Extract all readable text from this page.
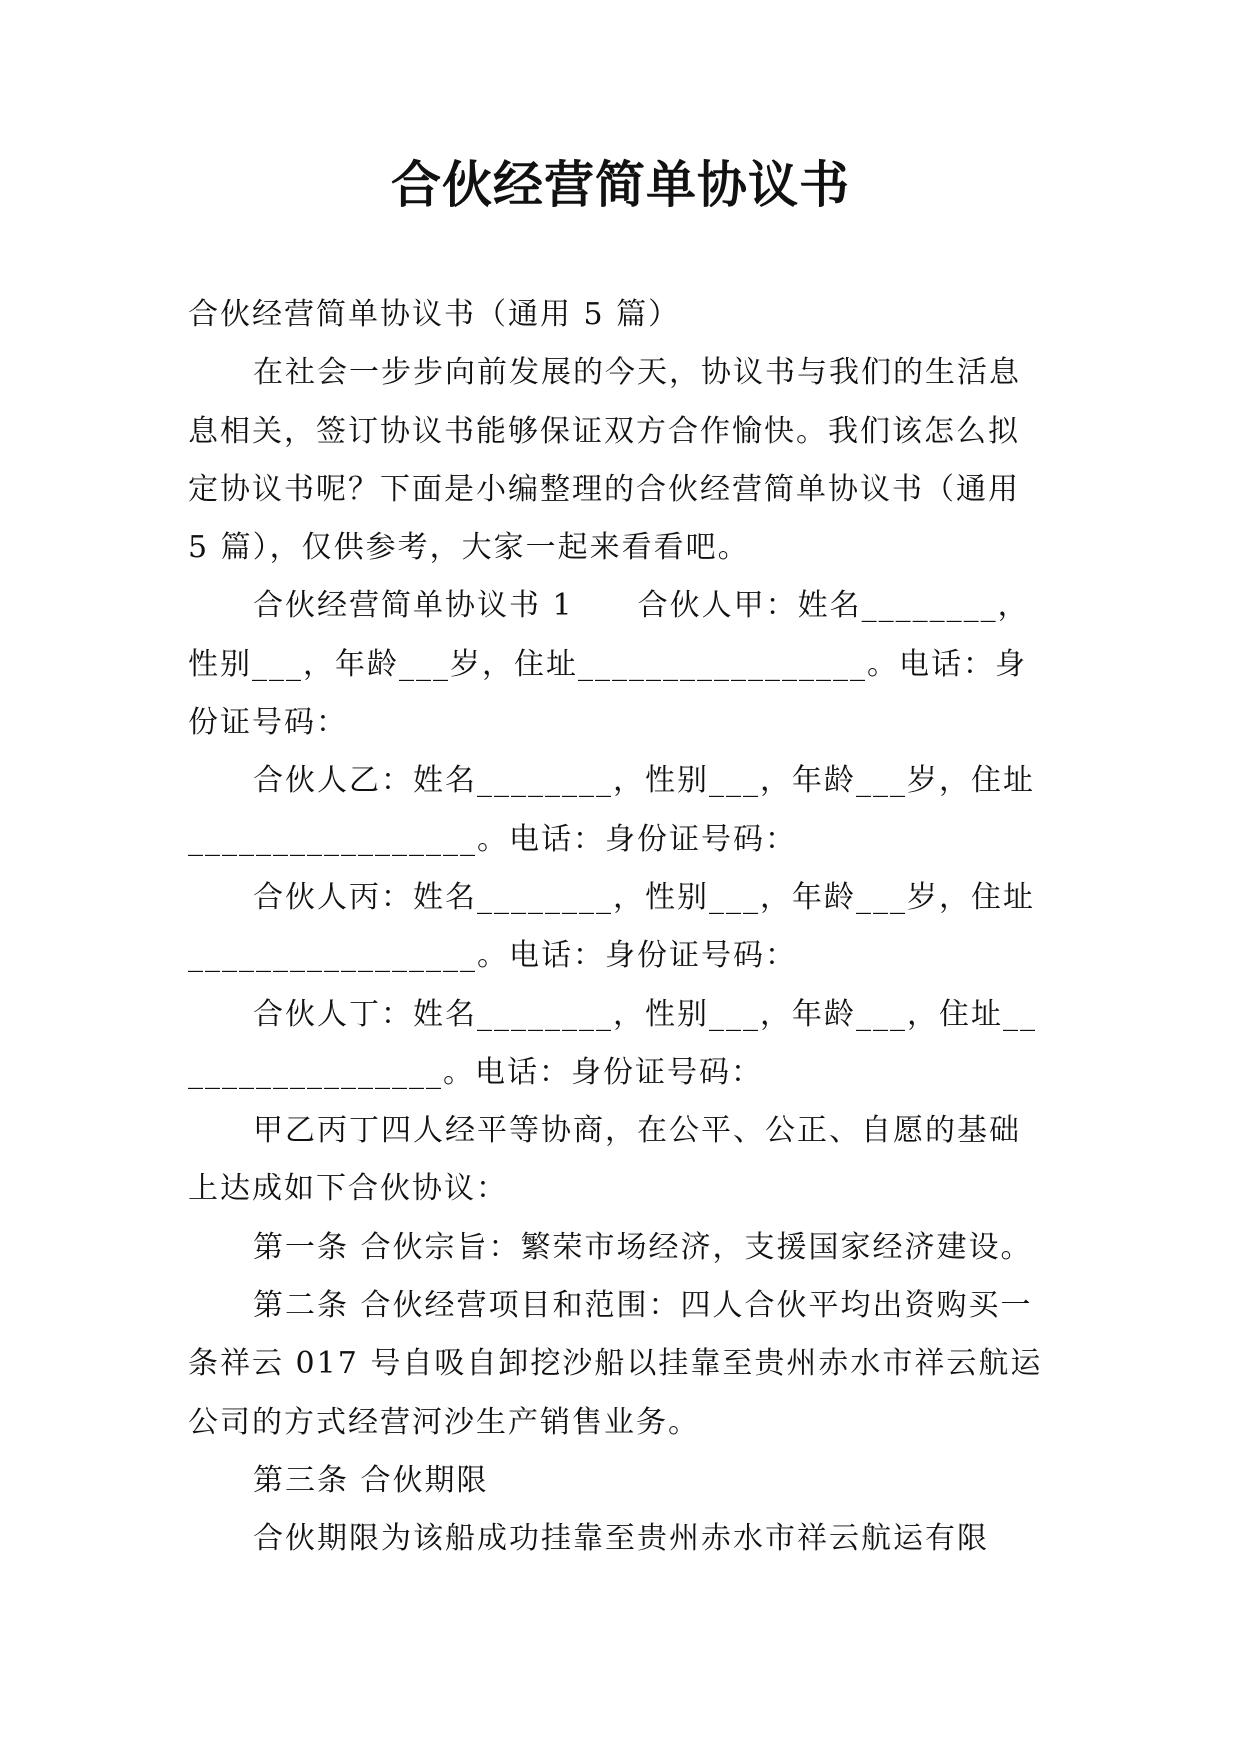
合伙经营简单协议书

合伙经营简单协议书（通用 5 篇）

在社会一步步向前发展的今天，协议书与我们的生活息息相关，签订协议书能够保证双方合作愉快。我们该怎么拟定协议书呢？下面是小编整理的合伙经营简单协议书（通用 5 篇），仅供参考，大家一起来看看吧。

合伙经营简单协议书 1　　合伙人甲：姓名________，性别___，年龄___岁，住址_________________。电话：身份证号码：

合伙人乙：姓名________，性别___，年龄___岁，住址_________________。电话：身份证号码：

合伙人丙：姓名________，性别___，年龄___岁，住址_________________。电话：身份证号码：

合伙人丁：姓名________，性别___，年龄___，住址_________________。电话：身份证号码：

甲乙丙丁四人经平等协商，在公平、公正、自愿的基础上达成如下合伙协议：

第一条 合伙宗旨：繁荣市场经济，支援国家经济建设。

第二条 合伙经营项目和范围：四人合伙平均出资购买一条祥云 017 号自吸自卸挖沙船以挂靠至贵州赤水市祥云航运公司的方式经营河沙生产销售业务。

第三条 合伙期限

合伙期限为该船成功挂靠至贵州赤水市祥云航运有限
